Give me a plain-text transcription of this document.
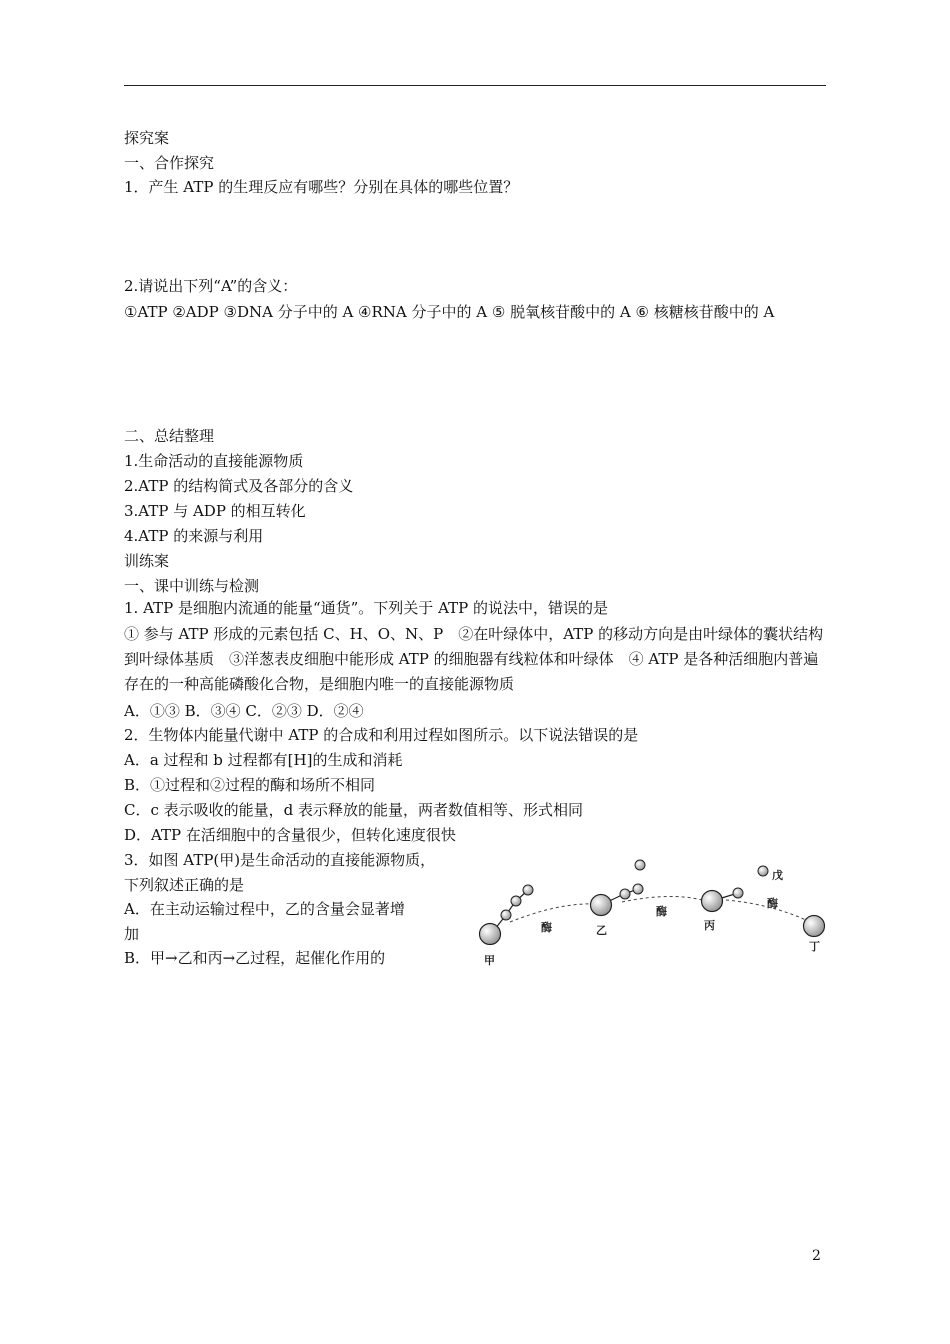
探究案
一、合作探究
1．产生 ATP 的生理反应有哪些？分别在具体的哪些位置？
2.请说出下列“A”的含义：
①ATP ②ADP ③DNA 分子中的 A ④RNA 分子中的 A ⑤ 脱氧核苷酸中的 A ⑥ 核糖核苷酸中的 A
二、总结整理
1.生命活动的直接能源物质
2.ATP 的结构简式及各部分的含义
3.ATP 与 ADP 的相互转化
4.ATP 的来源与利用
训练案
一、课中训练与检测
1. ATP 是细胞内流通的能量“通货”。下列关于 ATP 的说法中，错误的是
① 参与 ATP 形成的元素包括 C、H、O、N、P　②在叶绿体中，ATP 的移动方向是由叶绿体的囊状结构到叶绿体基质　③洋葱表皮细胞中能形成 ATP 的细胞器有线粒体和叶绿体　④ ATP 是各种活细胞内普遍存在的一种高能磷酸化合物，是细胞内唯一的直接能源物质
A．①③ B．③④ C．②③ D．②④
2．生物体内能量代谢中 ATP 的合成和利用过程如图所示。以下说法错误的是
A．a 过程和 b 过程都有[H]的生成和消耗
B．①过程和②过程的酶和场所不相同
C．c 表示吸收的能量，d 表示释放的能量，两者数值相等、形式相同
D．ATP 在活细胞中的含量很少，但转化速度很快
3．如图 ATP(甲)是生命活动的直接能源物质，
下列叙述正确的是
A．在主动运输过程中，乙的含量会显著增
加
B．甲→乙和丙→乙过程，起催化作用的	甲
乙	丙
丁
戊
酶
酶
酶
2
